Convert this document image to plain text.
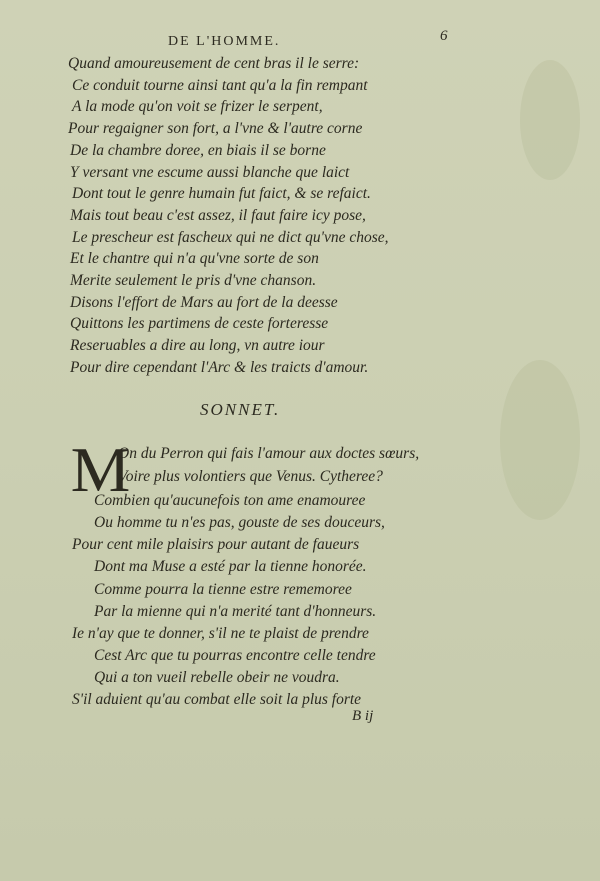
DE L'HOMME.	6
Quand amoureusement de cent bras il le serre:
Ce conduit tourne ainsi tant qu'a la fin rempant
A la mode qu'on voit se frizer le serpent,
Pour regaigner son fort, a l'vne & l'autre corne
De la chambre doree, en biais il se borne
Y versant vne escume aussi blanche que laict
Dont tout le genre humain fut faict, & se refaict.
Mais tout beau c'est assez, il faut faire icy pose,
Le prescheur est fascheux qui ne dict qu'vne chose,
Et le chantre qui n'a qu'vne sorte de son
Merite seulement le pris d'vne chanson.
Disons l'effort de Mars au fort de la deesse
Quittons les partimens de ceste forteresse
Reseruables a dire au long, vn autre iour
Pour dire cependant l'Arc & les traicts d'amour.
SONNET.
M
On du Perron qui fais l'amour aux doctes sœurs,
Voire plus volontiers que Venus. Cytheree?
Combien qu'aucunefois ton ame enamouree
Ou homme tu n'es pas, gouste de ses douceurs,
Pour cent mile plaisirs pour autant de faueurs
Dont ma Muse a esté par la tienne honorée.
Comme pourra la tienne estre rememoree
Par la mienne qui n'a merité tant d'honneurs.
Ie n'ay que te donner, s'il ne te plaist de prendre
Cest Arc que tu pourras encontre celle tendre
Qui a ton vueil rebelle obeir ne voudra.
S'il aduient qu'au combat elle soit la plus forte
B ij
